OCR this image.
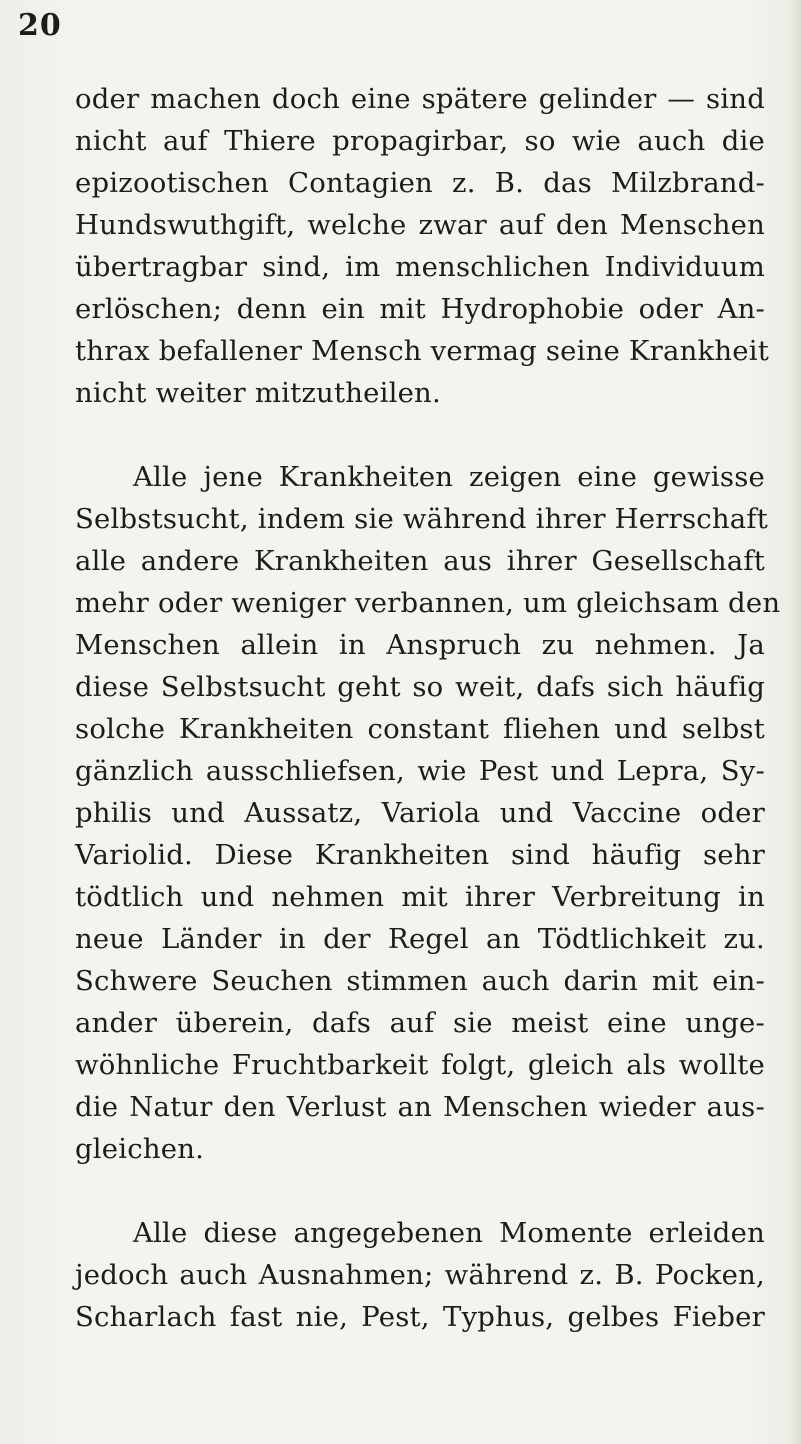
20
oder machen doch eine spätere gelinder — sind
nicht auf Thiere propagirbar, so wie auch die
epizootischen Contagien z. B. das Milzbrand-
Hundswuthgift, welche zwar auf den Menschen
übertragbar sind, im menschlichen Individuum
erlöschen; denn ein mit Hydrophobie oder An-
thrax befallener Mensch vermag seine Krankheit
nicht weiter mitzutheilen.
Alle jene Krankheiten zeigen eine gewisse
Selbstsucht, indem sie während ihrer Herrschaft
alle andere Krankheiten aus ihrer Gesellschaft
mehr oder weniger verbannen, um gleichsam den
Menschen allein in Anspruch zu nehmen. Ja
diese Selbstsucht geht so weit, dafs sich häufig
solche Krankheiten constant fliehen und selbst
gänzlich ausschliefsen, wie Pest und Lepra, Sy-
philis und Aussatz, Variola und Vaccine oder
Variolid. Diese Krankheiten sind häufig sehr
tödtlich und nehmen mit ihrer Verbreitung in
neue Länder in der Regel an Tödtlichkeit zu.
Schwere Seuchen stimmen auch darin mit ein-
ander überein, dafs auf sie meist eine unge-
wöhnliche Fruchtbarkeit folgt, gleich als wollte
die Natur den Verlust an Menschen wieder aus-
gleichen.
Alle diese angegebenen Momente erleiden
jedoch auch Ausnahmen; während z. B. Pocken,
Scharlach fast nie, Pest, Typhus, gelbes Fieber
